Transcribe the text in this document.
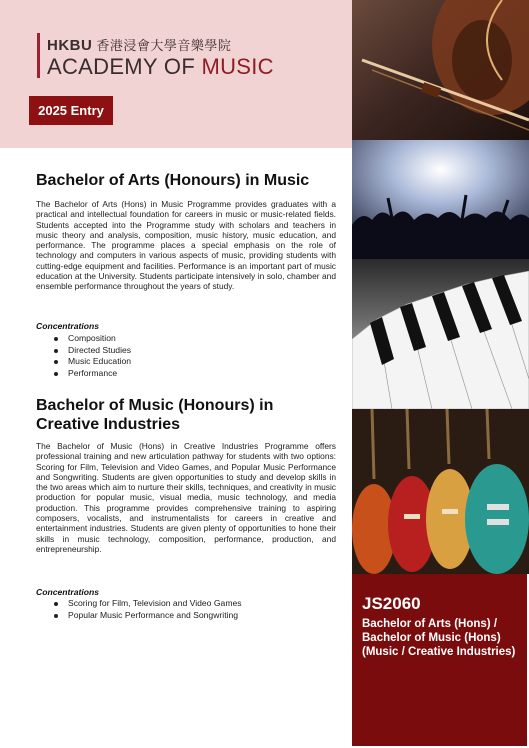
HKBU 香港浸會大學音樂學院
ACADEMY OF MUSIC
2025 Entry
JS2060
Bachelor of Arts (Hons) / Bachelor of Music (Hons) (Music / Creative Industries)
Bachelor of Arts (Honours) in Music

The Bachelor of Arts (Hons) in Music Programme provides graduates with a practical and intellectual foundation for careers in music or music-related fields. Students accepted into the Programme study with scholars and teachers in music theory and analysis, composition, music history, music education, and performance. The programme places a special emphasis on the role of technology and computers in various aspects of music, providing students with cutting-edge equipment and facilities. Performance is an important part of music education at the University. Students participate intensively in solo, chamber and ensemble performance throughout the years of study.

Concentrations

Composition
Directed Studies
Music Education
Performance
Bachelor of Music (Honours) in Creative Industries

The Bachelor of Music (Hons) in Creative Industries Programme offers professional training and new articulation pathway for students with two options: Scoring for Film, Television and Video Games, and Popular Music Performance and Songwriting. Students are given opportunities to study and develop skills in the two areas which aim to nurture their skills, techniques, and creativity in music production for popular music, visual media, music technology, and media production. This programme provides comprehensive training to aspiring composers, vocalists, and instrumentalists for careers in creative and entertainment industries. Students are given plenty of opportunities to hone their skills in music technology, composition, performance, production, and entrepreneurship.

Concentrations

Scoring for Film, Television and Video Games
Popular Music Performance and Songwriting
